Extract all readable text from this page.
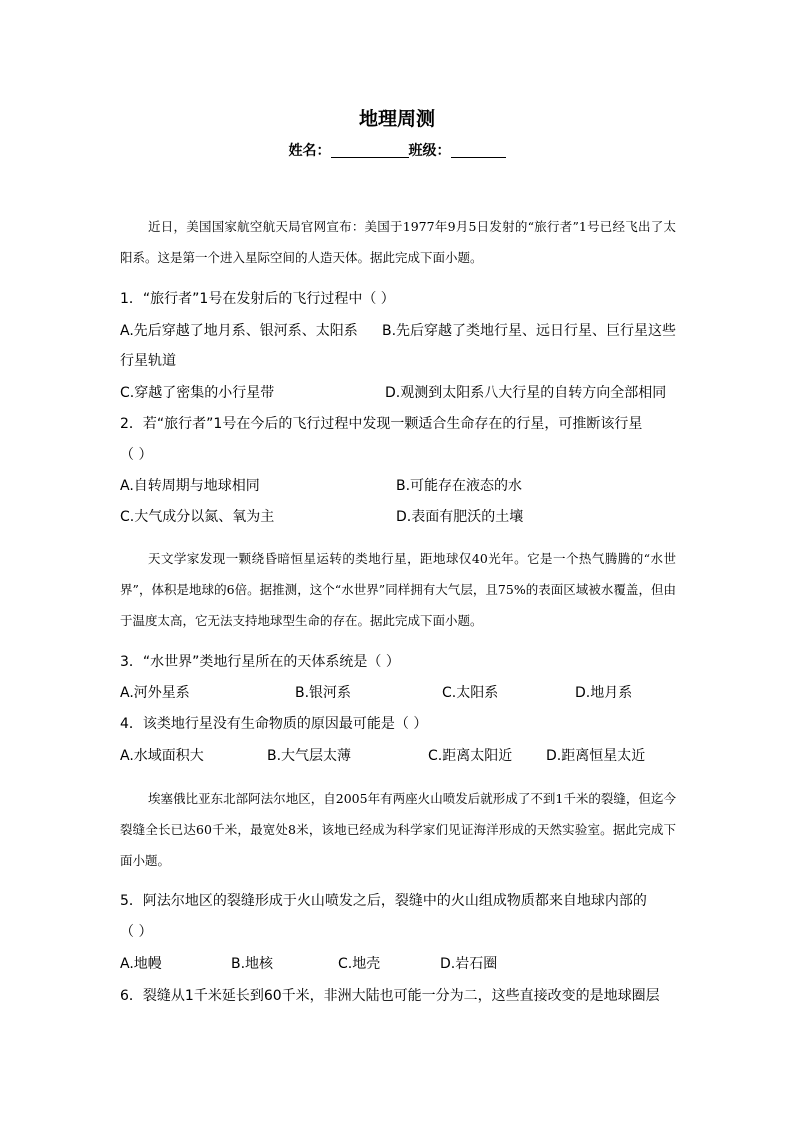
地理周测
姓名：	班级：
近日，美国国家航空航天局官网宣布：美国于1977年9月5日发射的“旅行者”1号已经飞出了太阳系。这是第一个进入星际空间的人造天体。据此完成下面小题。
1．“旅行者”1号在发射后的飞行过程中（ ）
A.先后穿越了地月系、银河系、太阳系 B.先后穿越了类地行星、远日行星、巨行星这些
行星轨道
C.穿越了密集的小行星带	D.观测到太阳系八大行星的自转方向全部相同
2．若“旅行者”1号在今后的飞行过程中发现一颗适合生命存在的行星，可推断该行星
（ ）
A.自转周期与地球相同	B.可能存在液态的水
C.大气成分以氮、氧为主	D.表面有肥沃的土壤
天文学家发现一颗绕昏暗恒星运转的类地行星，距地球仅40光年。它是一个热气腾腾的“水世界”，体积是地球的6倍。据推测，这个“水世界”同样拥有大气层，且75%的表面区域被水覆盖，但由于温度太高，它无法支持地球型生命的存在。据此完成下面小题。
3．“水世界”类地行星所在的天体系统是（ ）
A.河外星系	B.银河系	C.太阳系	D.地月系
4．该类地行星没有生命物质的原因最可能是（ ）
A.水域面积大	B.大气层太薄	C.距离太阳近 D.距离恒星太近
埃塞俄比亚东北部阿法尔地区，自2005年有两座火山喷发后就形成了不到1千米的裂缝，但迄今裂缝全长已达60千米，最宽处8米，该地已经成为科学家们见证海洋形成的天然实验室。据此完成下面小题。
5．阿法尔地区的裂缝形成于火山喷发之后，裂缝中的火山组成物质都来自地球内部的
（ ）
A.地幔	B.地核	C.地壳	D.岩石圈
6．裂缝从1千米延长到60千米，非洲大陆也可能一分为二，这些直接改变的是地球圈层
